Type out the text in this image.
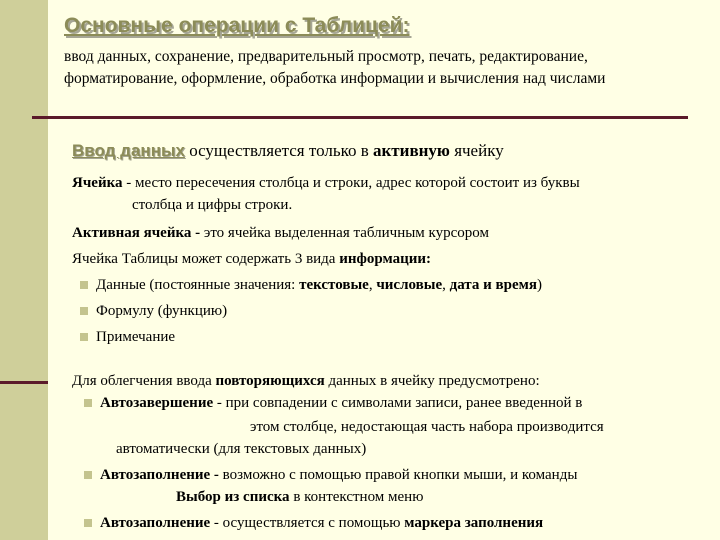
Основные операции с Таблицей:
ввод данных, сохранение, предварительный просмотр, печать, редактирование, форматирование, оформление, обработка информации и вычисления над числами
Ввод данных осуществляется только в активную ячейку

Ячейка - место пересечения столбца и строки, адрес которой состоит из буквы
столбца и цифры строки.

Активная ячейка - это ячейка выделенная табличным курсором

Ячейка Таблицы может содержать 3 вида информации:

Данные (постоянные значения: текстовые, числовые, дата и время)
Формулу (функцию)
Примечание

Для облегчения ввода повторяющихся данных в ячейку предусмотрено:

Автозавершение - при совпадении с символами записи, ранее введенной в
этом столбце, недостающая часть набора производится
автоматически (для текстовых данных)
Автозаполнение - возможно с помощью правой кнопки мыши, и команды
Выбор из списка в контекстном меню
Автозаполнение - осуществляется с помощью маркера заполнения
